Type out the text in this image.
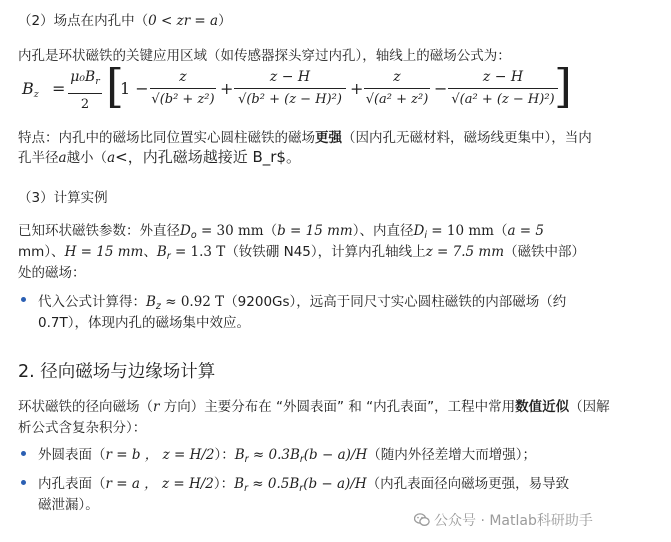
（2）场点在内孔中（0 < zr = a）
内孔是环状磁铁的关键应用区域（如传感器探头穿过内孔），轴线上的磁场公式为：
$B_z$ =
$\mu_0B_r$
2 [
1 −
z
√(b² + z²)
+
z − H
√(b² + (z − H)²)
+
z
√(a² + z²)
−
z − H
√(a² + (z − H)²) ]
特点：内孔中的磁场比同位置实心圆柱磁铁的磁场更强（因内孔无磁材料，磁场线更集中），当内
孔半径a越小（a<，内孔磁场越接近 B_r$。
（3）计算实例
已知环状磁铁参数：外直径$D_o = 30$ mm（b = 15 mm）、内直径$D_i = 10$ mm（a = 5
mm）、H = 15 mm、$B_r = 1.3$ T（钕铁硼 N45），计算内孔轴线上z = 7.5 mm（磁铁中部）
处的磁场：
代入公式计算得：$B_z \approx 0.92$ T（9200Gs），远高于同尺寸实心圆柱磁铁的内部磁场（约
0.7T），体现内孔的磁场集中效应。
2. 径向磁场与边缘场计算
环状磁铁的径向磁场（r 方向）主要分布在 “外圆表面” 和 “内孔表面”，工程中常用数值近似（因解
析公式含复杂积分）：
外圆表面（r = b ， z = H/2）：$B_r \approx 0.3B_r(b - a)/H$（随内外径差增大而增强）；
内孔表面（r = a ， z = H/2）：$B_r \approx 0.5B_r(b - a)/H$（内孔表面径向磁场更强，易导致
磁泄漏）。
公众号 · Matlab科研助手
